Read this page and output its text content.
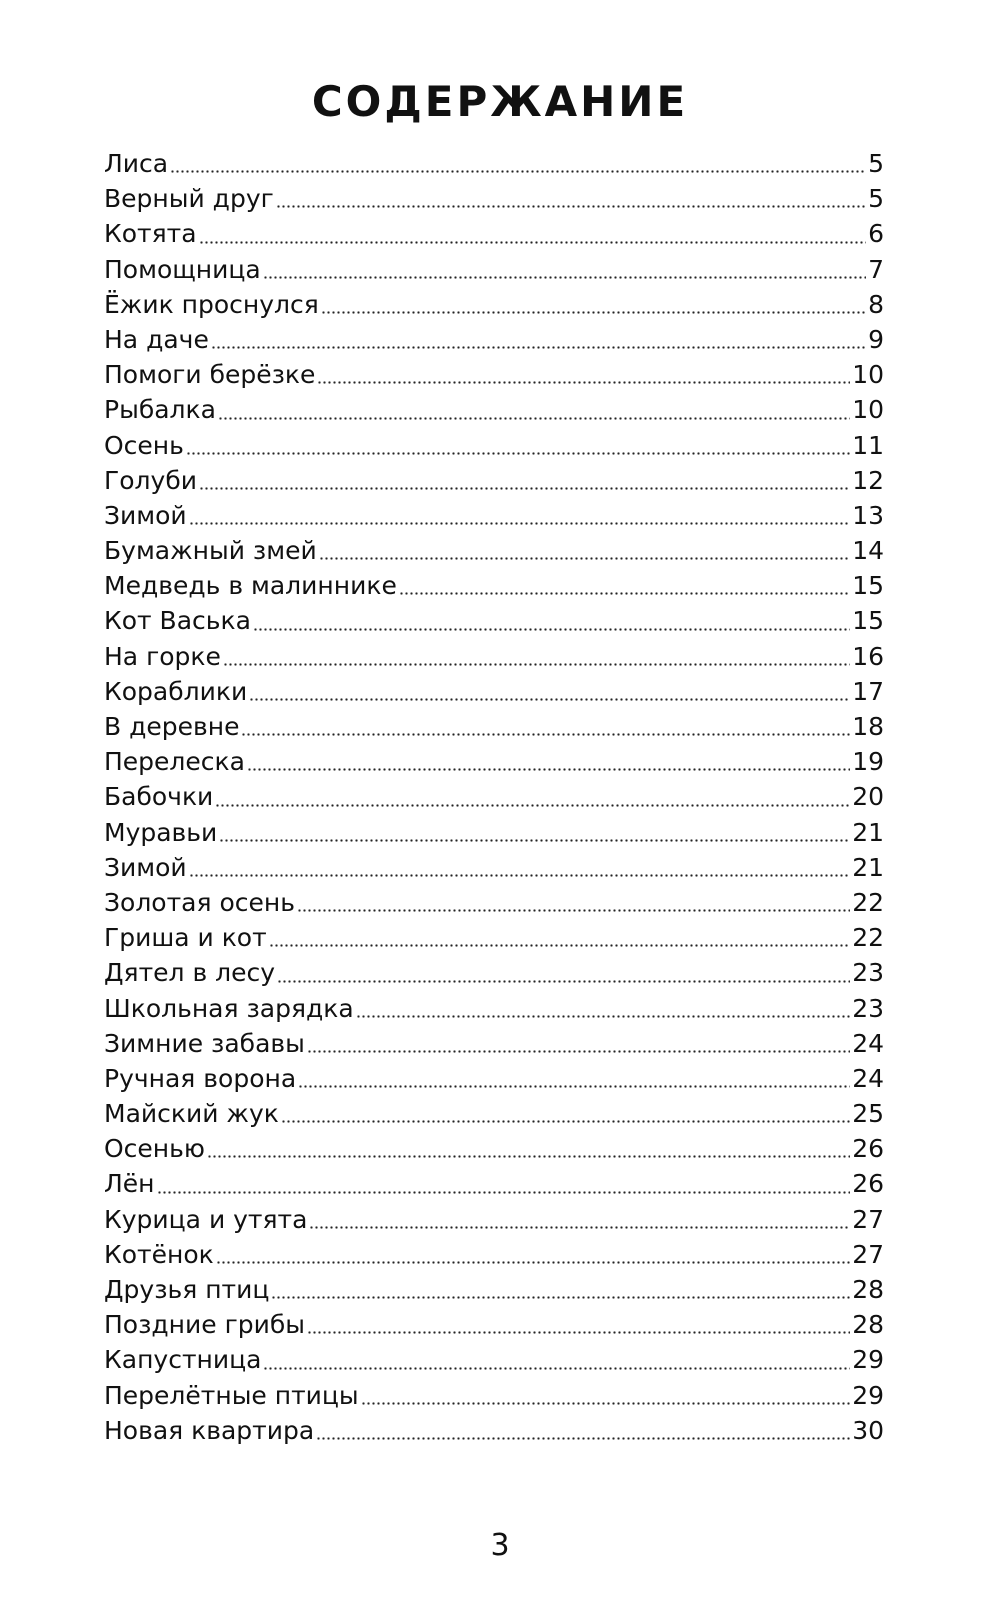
СОДЕРЖАНИЕ
Лиса	5
Верный друг	5
Котята	6
Помощница	7
Ёжик проснулся	8
На даче	9
Помоги берёзке	10
Рыбалка	10
Осень	11
Голуби	12
Зимой	13
Бумажный змей	14
Медведь в малиннике	15
Кот Васька	15
На горке	16
Кораблики	17
В деревне	18
Перелеска	19
Бабочки	20
Муравьи	21
Зимой	21
Золотая осень	22
Гриша и кот	22
Дятел в лесу	23
Школьная зарядка	23
Зимние забавы	24
Ручная ворона	24
Майский жук	25
Осенью	26
Лён	26
Курица и утята	27
Котёнок	27
Друзья птиц	28
Поздние грибы	28
Капустница	29
Перелётные птицы	29
Новая квартира	30
3
